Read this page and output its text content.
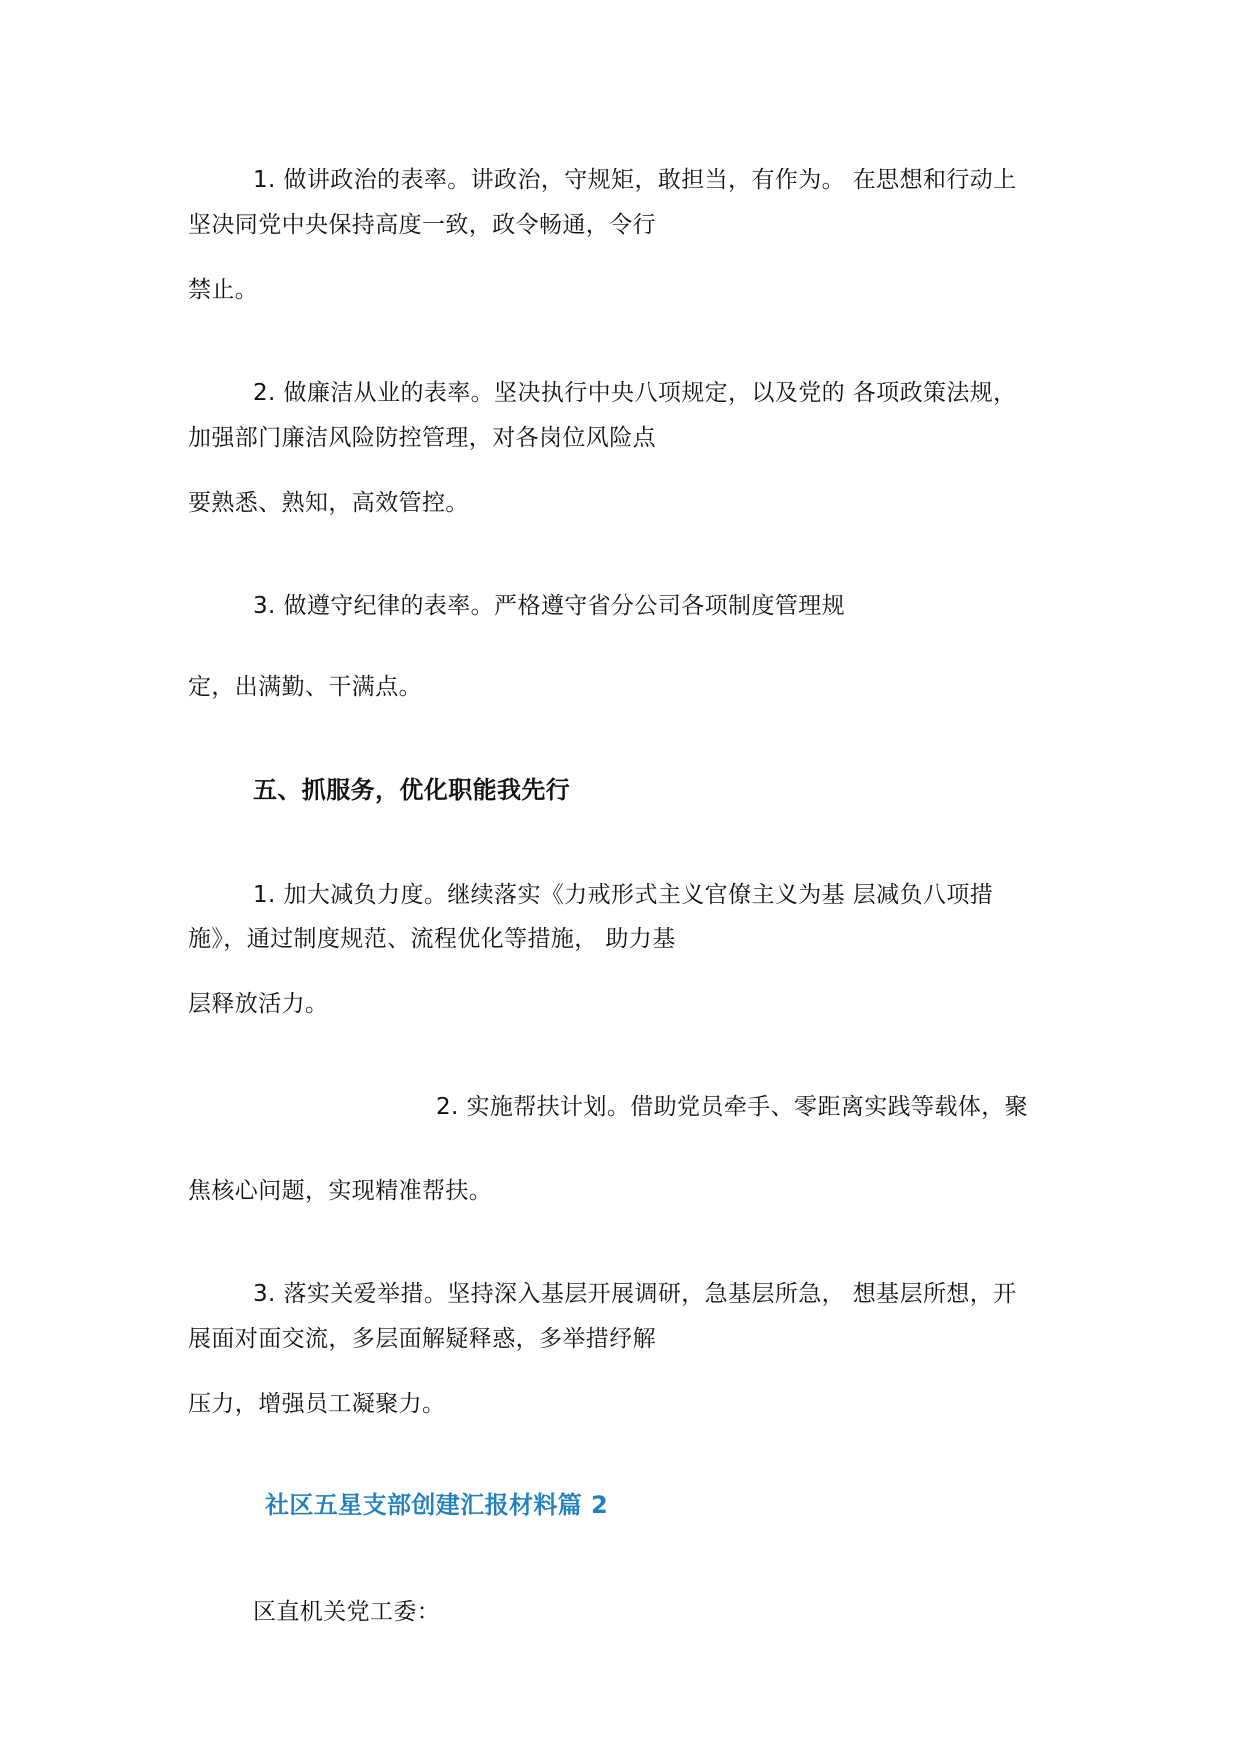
1. 做讲政治的表率。讲政治，守规矩，敢担当，有作为。 在思想和行动上
坚决同党中央保持高度一致，政令畅通，令行
禁止。
2. 做廉洁从业的表率。坚决执行中央八项规定，以及党的 各项政策法规，
加强部门廉洁风险防控管理，对各岗位风险点
要熟悉、熟知，高效管控。
3. 做遵守纪律的表率。严格遵守省分公司各项制度管理规
定，出满勤、干满点。
五、抓服务，优化职能我先行
1. 加大减负力度。继续落实《力戒形式主义官僚主义为基 层减负八项措
施》，通过制度规范、流程优化等措施， 助力基
层释放活力。
2. 实施帮扶计划。借助党员牵手、零距离实践等载体，聚
焦核心问题，实现精准帮扶。
3. 落实关爱举措。坚持深入基层开展调研，急基层所急， 想基层所想，开
展面对面交流，多层面解疑释惑，多举措纾解
压力，增强员工凝聚力。
社区五星支部创建汇报材料篇 2
区直机关党工委：
